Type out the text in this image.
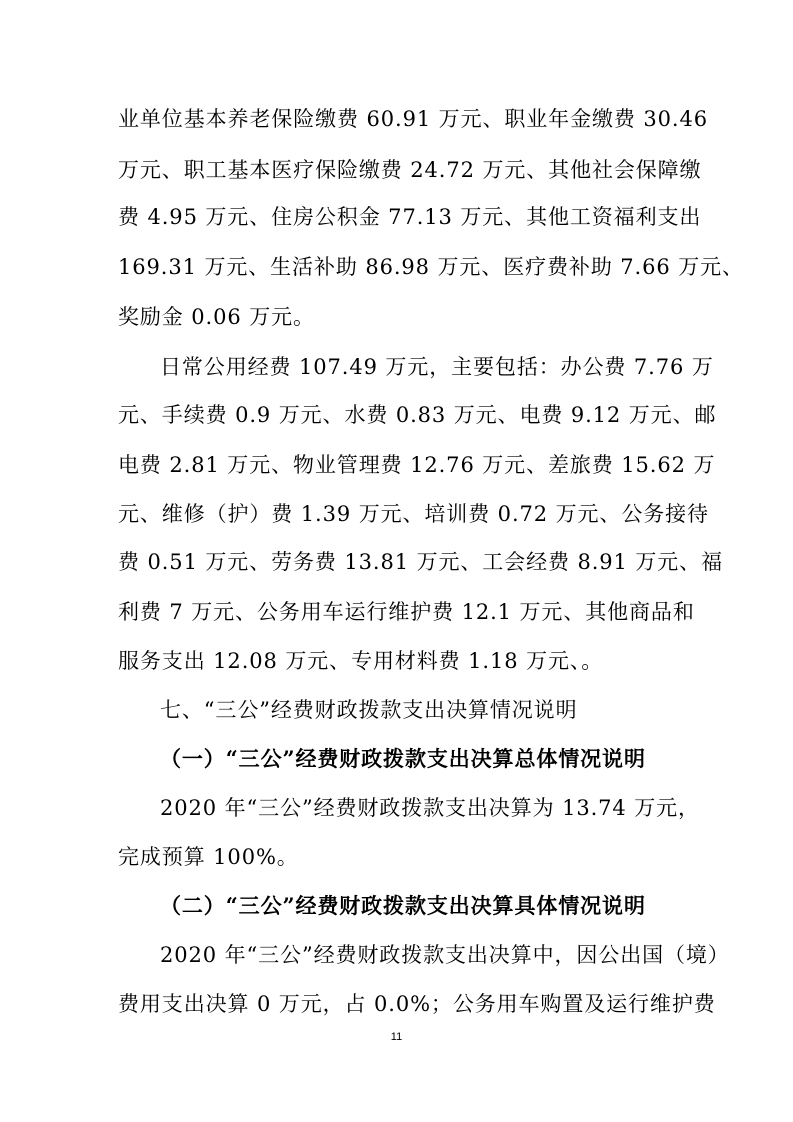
业单位基本养老保险缴费 60.91 万元、职业年金缴费 30.46
万元、职工基本医疗保险缴费 24.72 万元、其他社会保障缴
费 4.95 万元、住房公积金 77.13 万元、其他工资福利支出
169.31 万元、生活补助 86.98 万元、医疗费补助 7.66 万元、
奖励金 0.06 万元。
日常公用经费 107.49 万元，主要包括：办公费 7.76 万
元、手续费 0.9 万元、水费 0.83 万元、电费 9.12 万元、邮
电费 2.81 万元、物业管理费 12.76 万元、差旅费 15.62 万
元、维修（护）费 1.39 万元、培训费 0.72 万元、公务接待
费 0.51 万元、劳务费 13.81 万元、工会经费 8.91 万元、福
利费 7 万元、公务用车运行维护费 12.1 万元、其他商品和
服务支出 12.08 万元、专用材料费 1.18 万元、。
七、“三公”经费财政拨款支出决算情况说明
（一）“三公”经费财政拨款支出决算总体情况说明
2020 年“三公”经费财政拨款支出决算为 13.74 万元，
完成预算 100%。
（二）“三公”经费财政拨款支出决算具体情况说明
2020 年“三公”经费财政拨款支出决算中，因公出国（境）
费用支出决算 0 万元，占 0.0%；公务用车购置及运行维护费
11
